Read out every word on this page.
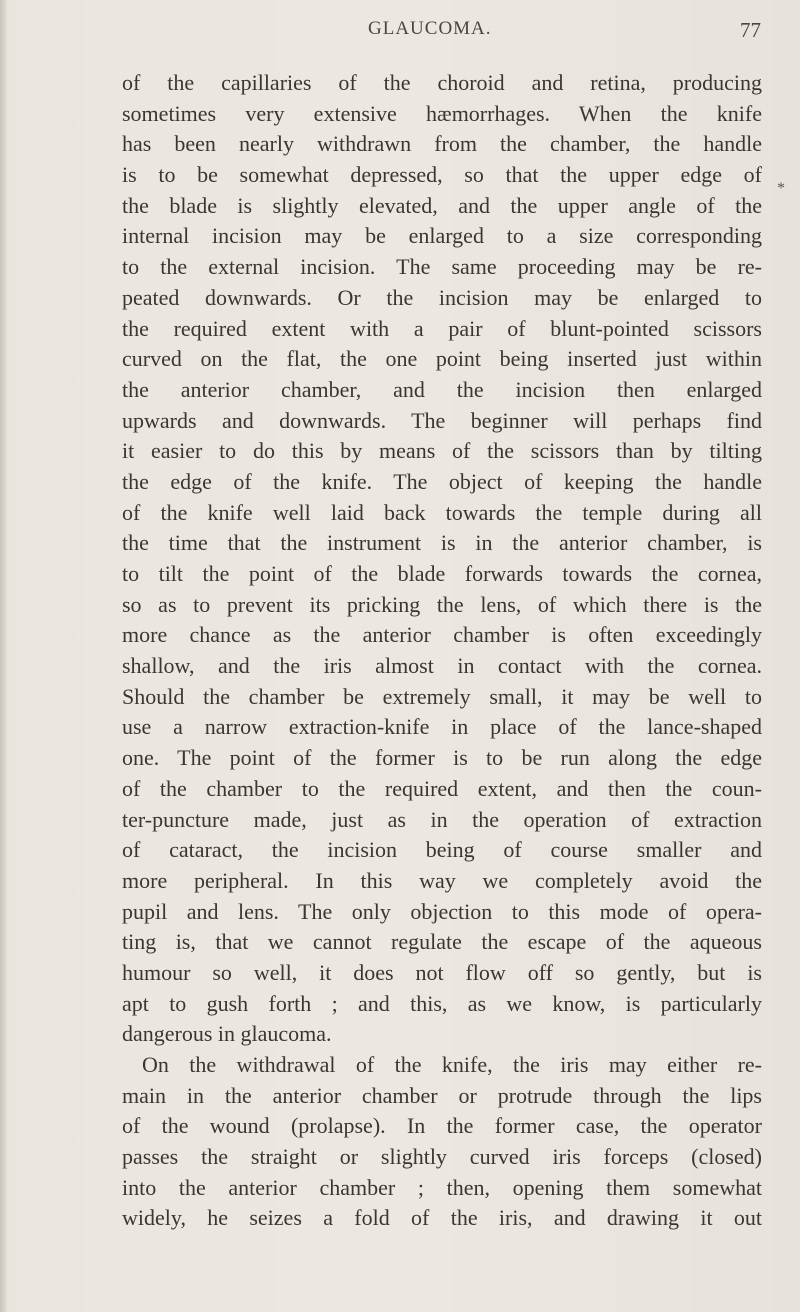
GLAUCOMA.	77
*
of the capillaries of the choroid and retina, producing
sometimes very extensive hæmorrhages. When the knife
has been nearly withdrawn from the chamber, the handle
is to be somewhat depressed, so that the upper edge of
the blade is slightly elevated, and the upper angle of the
internal incision may be enlarged to a size corresponding
to the external incision. The same proceeding may be re-
peated downwards. Or the incision may be enlarged to
the required extent with a pair of blunt-pointed scissors
curved on the flat, the one point being inserted just within
the anterior chamber, and the incision then enlarged
upwards and downwards. The beginner will perhaps find
it easier to do this by means of the scissors than by tilting
the edge of the knife. The object of keeping the handle
of the knife well laid back towards the temple during all
the time that the instrument is in the anterior chamber, is
to tilt the point of the blade forwards towards the cornea,
so as to prevent its pricking the lens, of which there is the
more chance as the anterior chamber is often exceedingly
shallow, and the iris almost in contact with the cornea.
Should the chamber be extremely small, it may be well to
use a narrow extraction-knife in place of the lance-shaped
one. The point of the former is to be run along the edge
of the chamber to the required extent, and then the coun-
ter-puncture made, just as in the operation of extraction
of cataract, the incision being of course smaller and
more peripheral. In this way we completely avoid the
pupil and lens. The only objection to this mode of opera-
ting is, that we cannot regulate the escape of the aqueous
humour so well, it does not flow off so gently, but is
apt to gush forth ; and this, as we know, is particularly
dangerous in glaucoma.
On the withdrawal of the knife, the iris may either re-
main in the anterior chamber or protrude through the lips
of the wound (prolapse). In the former case, the operator
passes the straight or slightly curved iris forceps (closed)
into the anterior chamber ; then, opening them somewhat
widely, he seizes a fold of the iris, and drawing it out
